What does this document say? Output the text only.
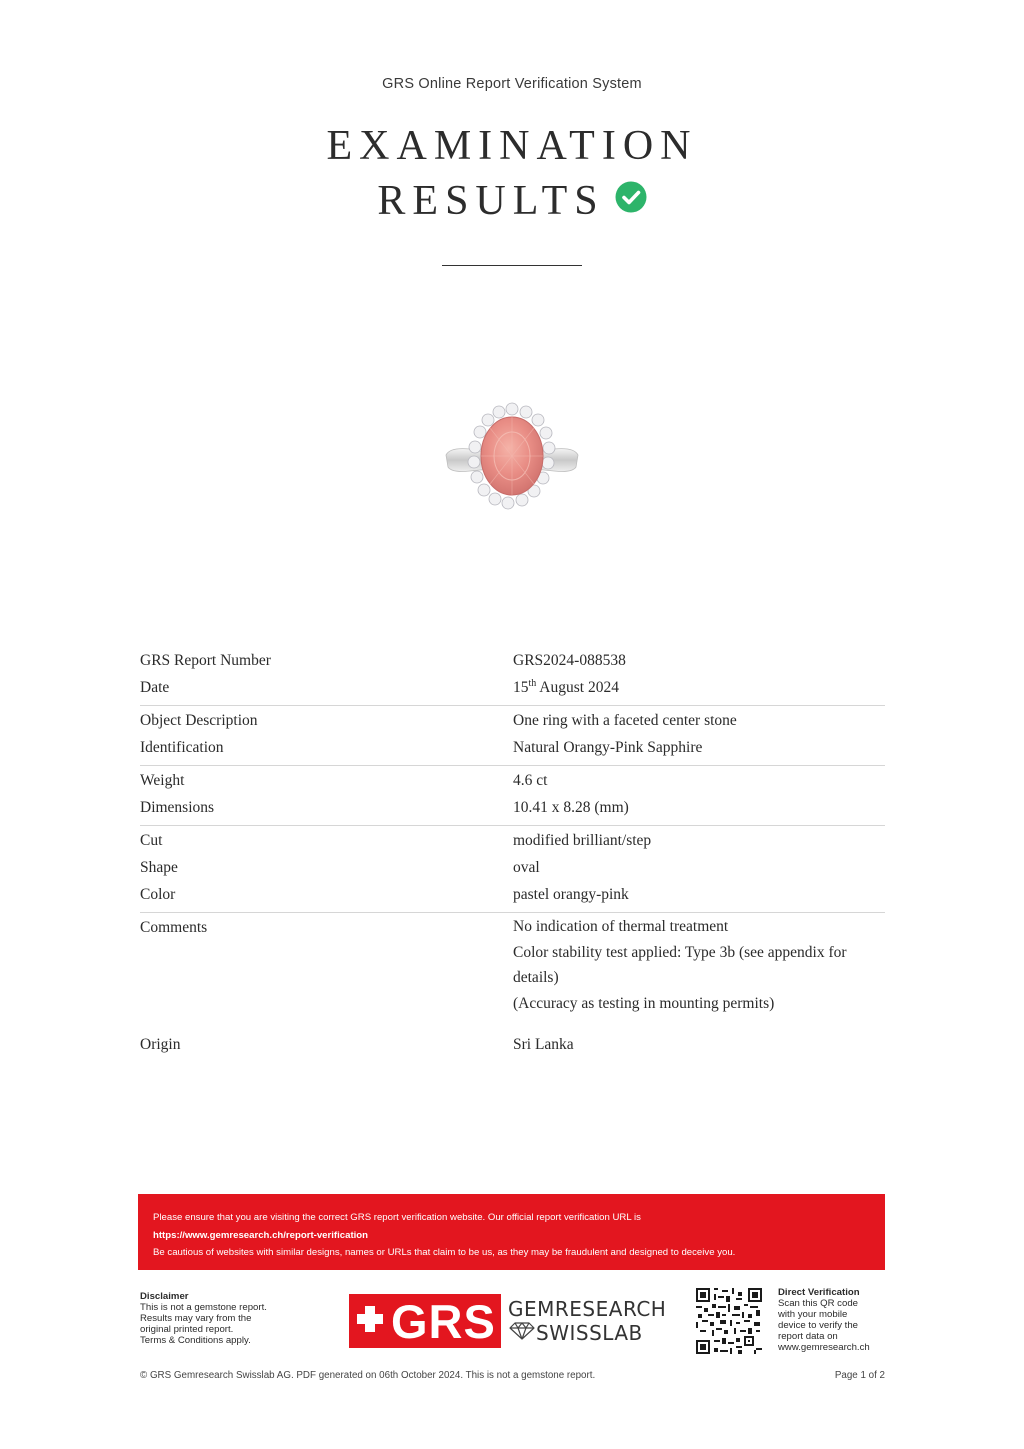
GRS Online Report Verification System
EXAMINATION
RESULTS
GRS Report Number	GRS2024-088538
Date	15th August 2024
Object Description	One ring with a faceted center stone
Identification	Natural Orangy-Pink Sapphire
Weight	4.6 ct
Dimensions	10.41 x 8.28 (mm)
Cut	modified brilliant/step
Shape	oval
Color	pastel orangy-pink
Comments	No indication of thermal treatment
Color stability test applied: Type 3b (see appendix for
details)
(Accuracy as testing in mounting permits)
Origin	Sri Lanka
Please ensure that you are visiting the correct GRS report verification website. Our official report verification URL is
https://www.gemresearch.ch/report-verification
Be cautious of websites with similar designs, names or URLs that claim to be us, as they may be fraudulent and designed to deceive you.
Disclaimer
This is not a gemstone report.
Results may vary from the
original printed report.
Terms & Conditions apply.	GRS GEMRESEARCH
SWISSLAB
Direct Verification
Scan this QR code
with your mobile
device to verify the
report data on
www.gemresearch.ch
© GRS Gemresearch Swisslab AG. PDF generated on 06th October 2024. This is not a gemstone report.	Page 1 of 2
